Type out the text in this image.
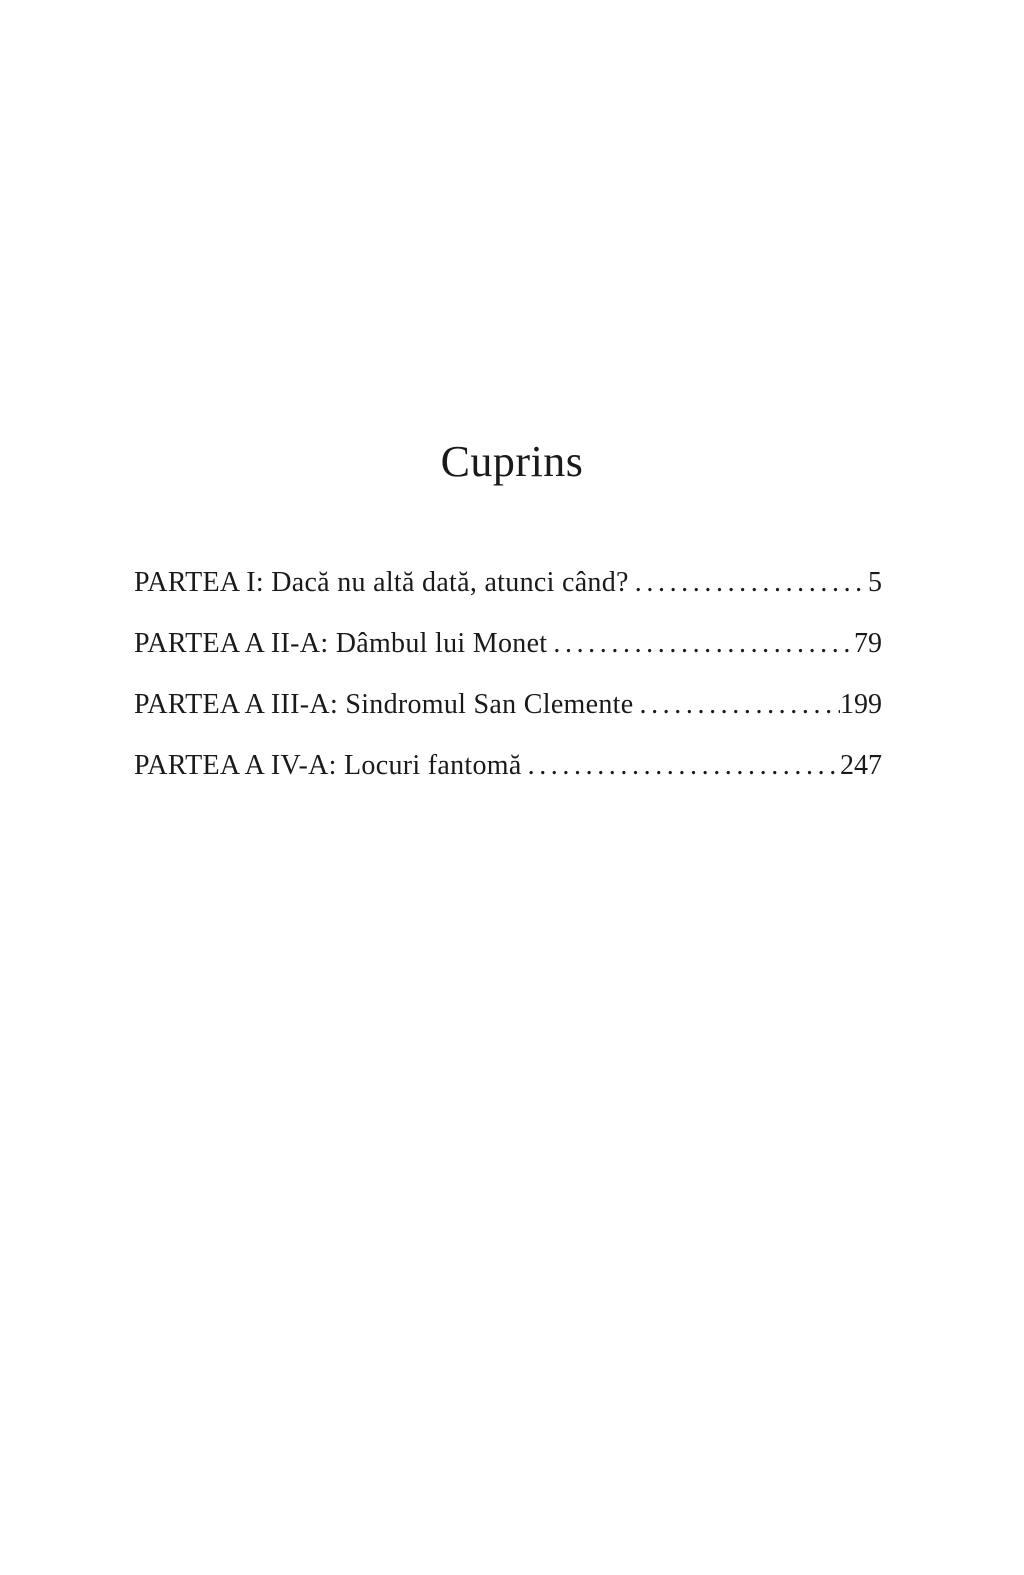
Cuprins
PARTEA I: Dacă nu altă dată, atunci când? . . .	5
PARTEA A II-A: Dâmbul lui Monet . . .	79
PARTEA A III-A: Sindromul San Clemente . . .	199
PARTEA A IV-A: Locuri fantomă . . .	247
